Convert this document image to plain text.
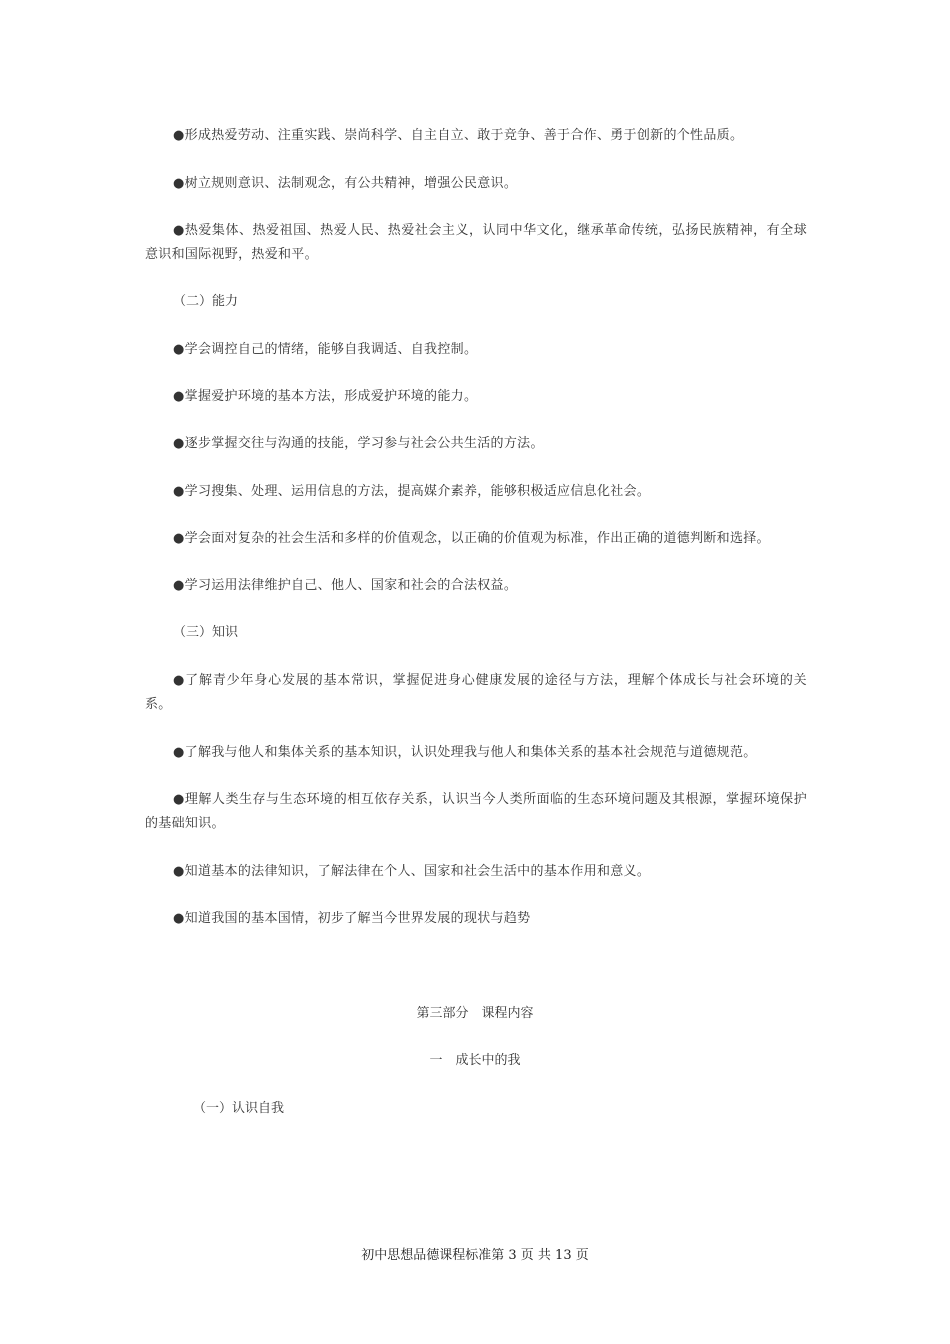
●形成热爱劳动、注重实践、崇尚科学、自主自立、敢于竞争、善于合作、勇于创新的个性品质。

●树立规则意识、法制观念，有公共精神，增强公民意识。

●热爱集体、热爱祖国、热爱人民、热爱社会主义，认同中华文化，继承革命传统，弘扬民族精神，有全球意识和国际视野，热爱和平。

（二）能力

●学会调控自己的情绪，能够自我调适、自我控制。

●掌握爱护环境的基本方法，形成爱护环境的能力。

●逐步掌握交往与沟通的技能，学习参与社会公共生活的方法。

●学习搜集、处理、运用信息的方法，提高媒介素养，能够积极适应信息化社会。

●学会面对复杂的社会生活和多样的价值观念，以正确的价值观为标准，作出正确的道德判断和选择。

●学习运用法律维护自己、他人、国家和社会的合法权益。

（三）知识

●了解青少年身心发展的基本常识，掌握促进身心健康发展的途径与方法，理解个体成长与社会环境的关系。

●了解我与他人和集体关系的基本知识，认识处理我与他人和集体关系的基本社会规范与道德规范。

●理解人类生存与生态环境的相互依存关系，认识当今人类所面临的生态环境问题及其根源，掌握环境保护的基础知识。

●知道基本的法律知识，了解法律在个人、国家和社会生活中的基本作用和意义。

●知道我国的基本国情，初步了解当今世界发展的现状与趋势

第三部分　课程内容

一　成长中的我

（一）认识自我

初中思想品德课程标准第 3 页 共 13 页
